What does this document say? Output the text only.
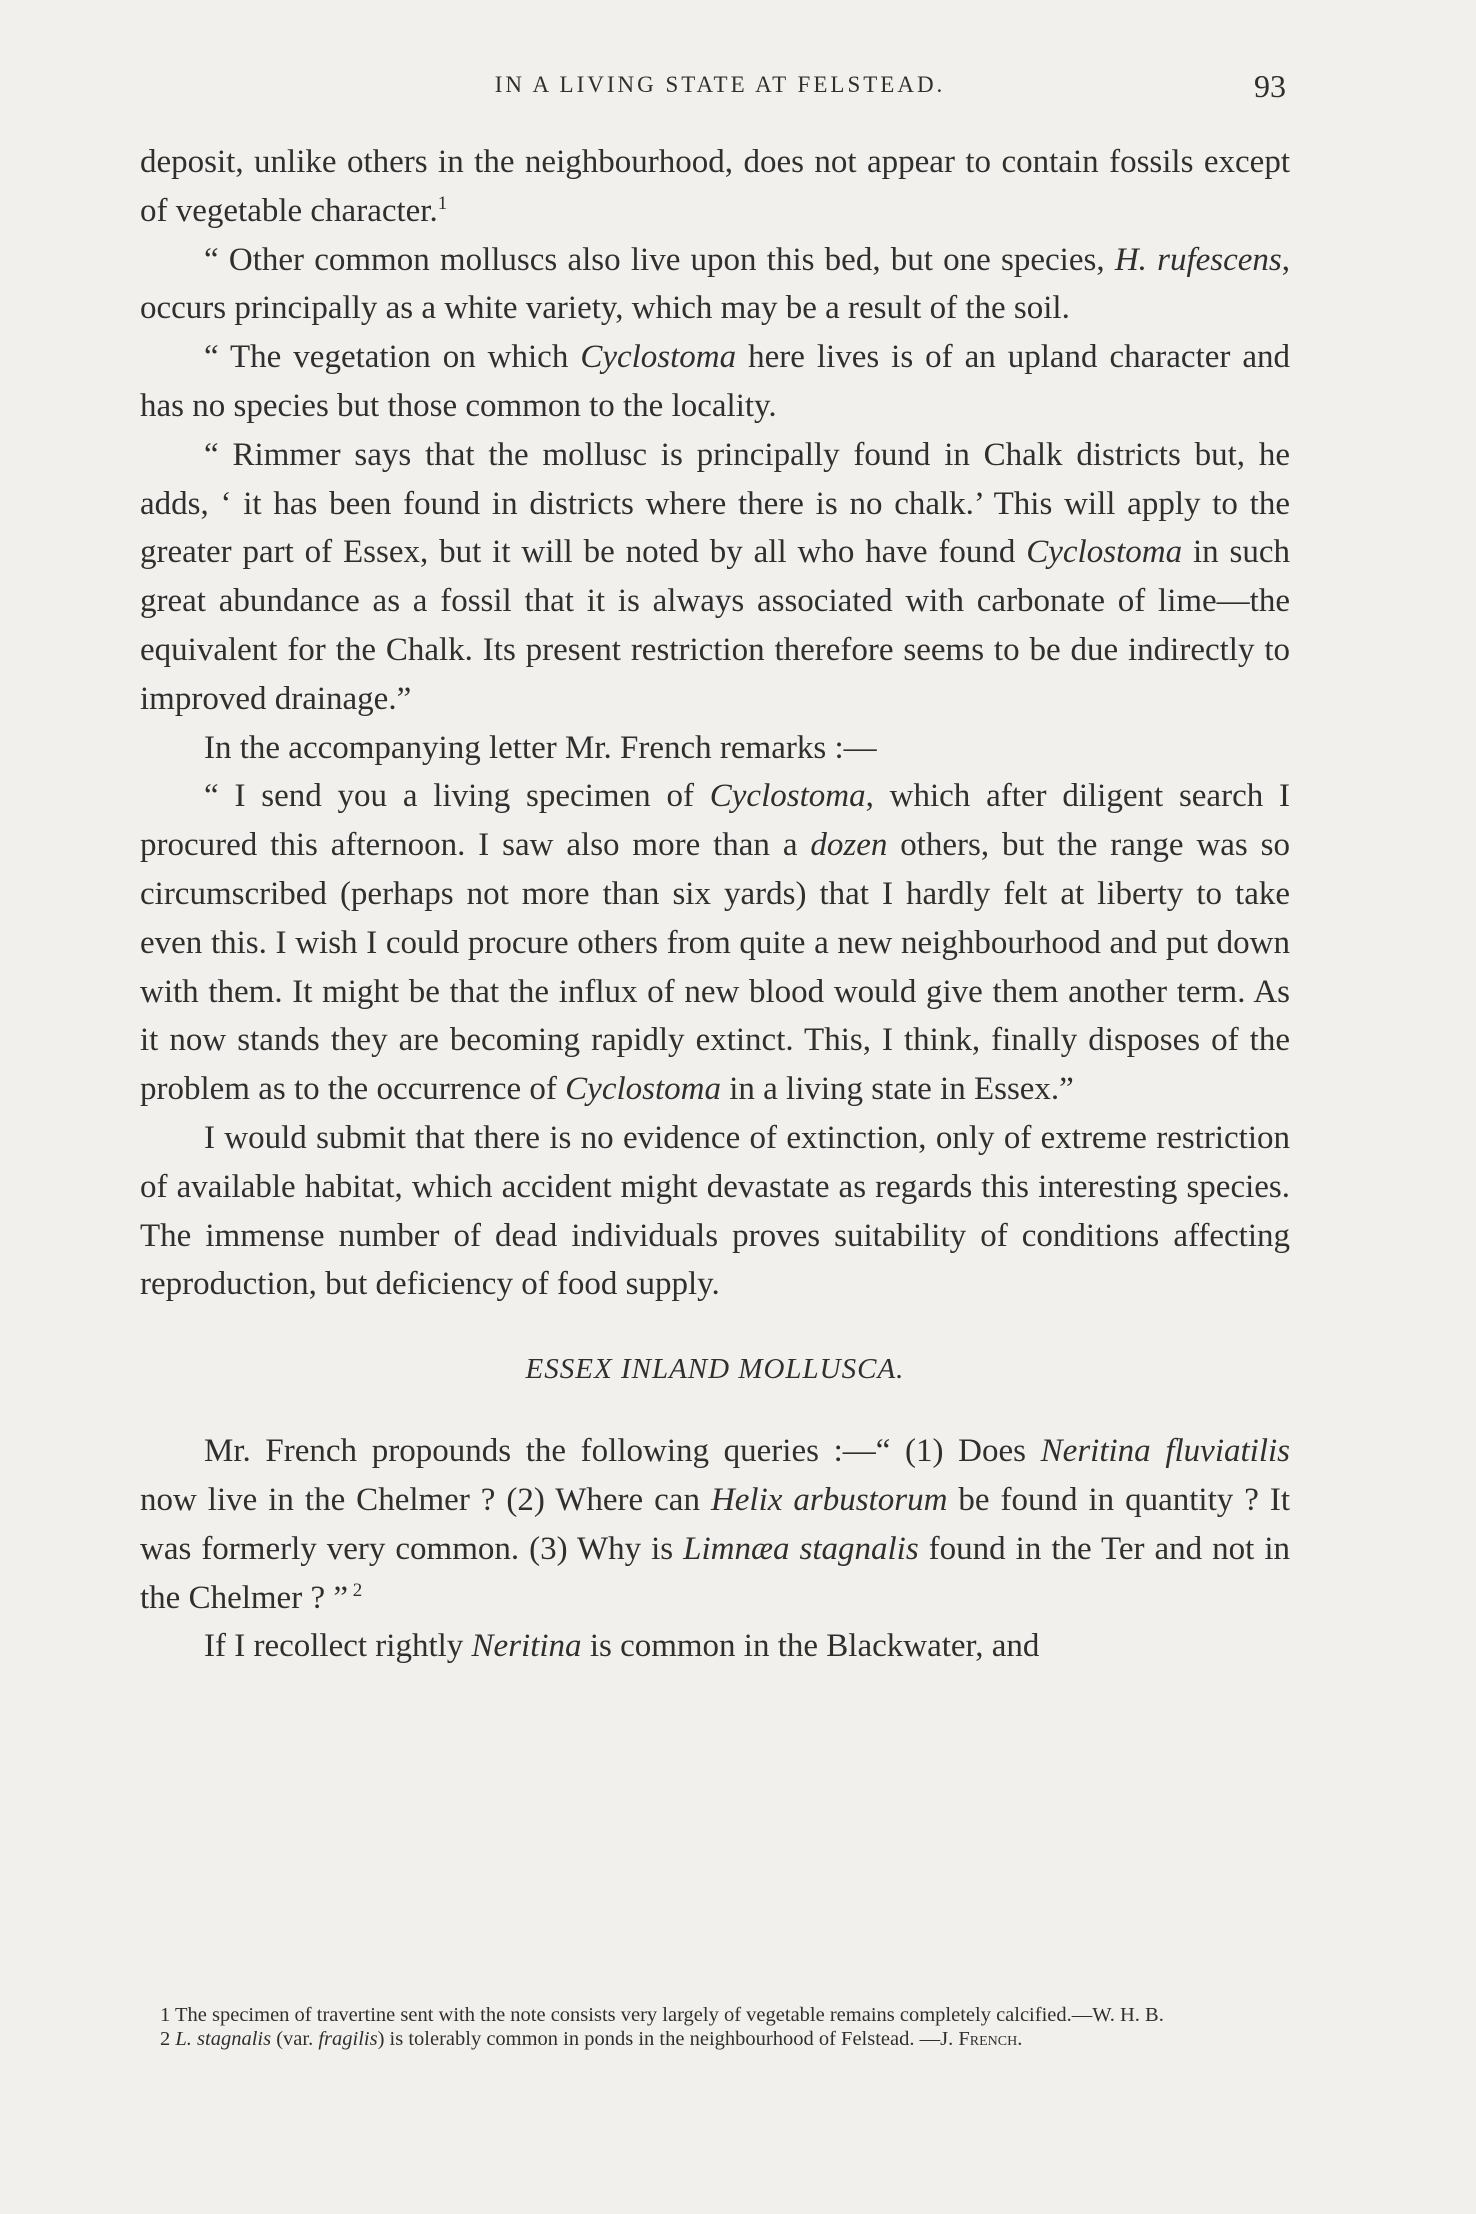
IN A LIVING STATE AT FELSTEAD.	93

deposit, unlike others in the neighbourhood, does not appear to contain fossils except of vegetable character.$^1$

“ Other common molluscs also live upon this bed, but one species, H. rufescens, occurs principally as a white variety, which may be a result of the soil.

“ The vegetation on which Cyclostoma here lives is of an upland character and has no species but those common to the locality.

“ Rimmer says that the mollusc is principally found in Chalk districts but, he adds, ‘ it has been found in districts where there is no chalk.’ This will apply to the greater part of Essex, but it will be noted by all who have found Cyclostoma in such great abundance as a fossil that it is always associated with carbonate of lime—the equivalent for the Chalk. Its present restriction therefore seems to be due indirectly to improved drainage.”

In the accompanying letter Mr. French remarks :—

“ I send you a living specimen of Cyclostoma, which after diligent search I procured this afternoon. I saw also more than a dozen others, but the range was so circumscribed (perhaps not more than six yards) that I hardly felt at liberty to take even this. I wish I could procure others from quite a new neighbourhood and put down with them. It might be that the influx of new blood would give them another term. As it now stands they are becoming rapidly extinct. This, I think, finally disposes of the problem as to the occurrence of Cyclostoma in a living state in Essex.”

I would submit that there is no evidence of extinction, only of extreme restriction of available habitat, which accident might devastate as regards this interesting species. The immense number of dead individuals proves suitability of conditions affecting reproduction, but deficiency of food supply.

ESSEX INLAND MOLLUSCA.

Mr. French propounds the following queries :—“ (1) Does Neritina fluviatilis now live in the Chelmer ? (2) Where can Helix arbustorum be found in quantity ? It was formerly very common. (3) Why is Limnæa stagnalis found in the Ter and not in the Chelmer ? ” $^2$

If I recollect rightly Neritina is common in the Blackwater, and

1 The specimen of travertine sent with the note consists very largely of vegetable remains completely calcified.—W. H. B.

2 L. stagnalis (var. fragilis) is tolerably common in ponds in the neighbourhood of Felstead. —J. French.
